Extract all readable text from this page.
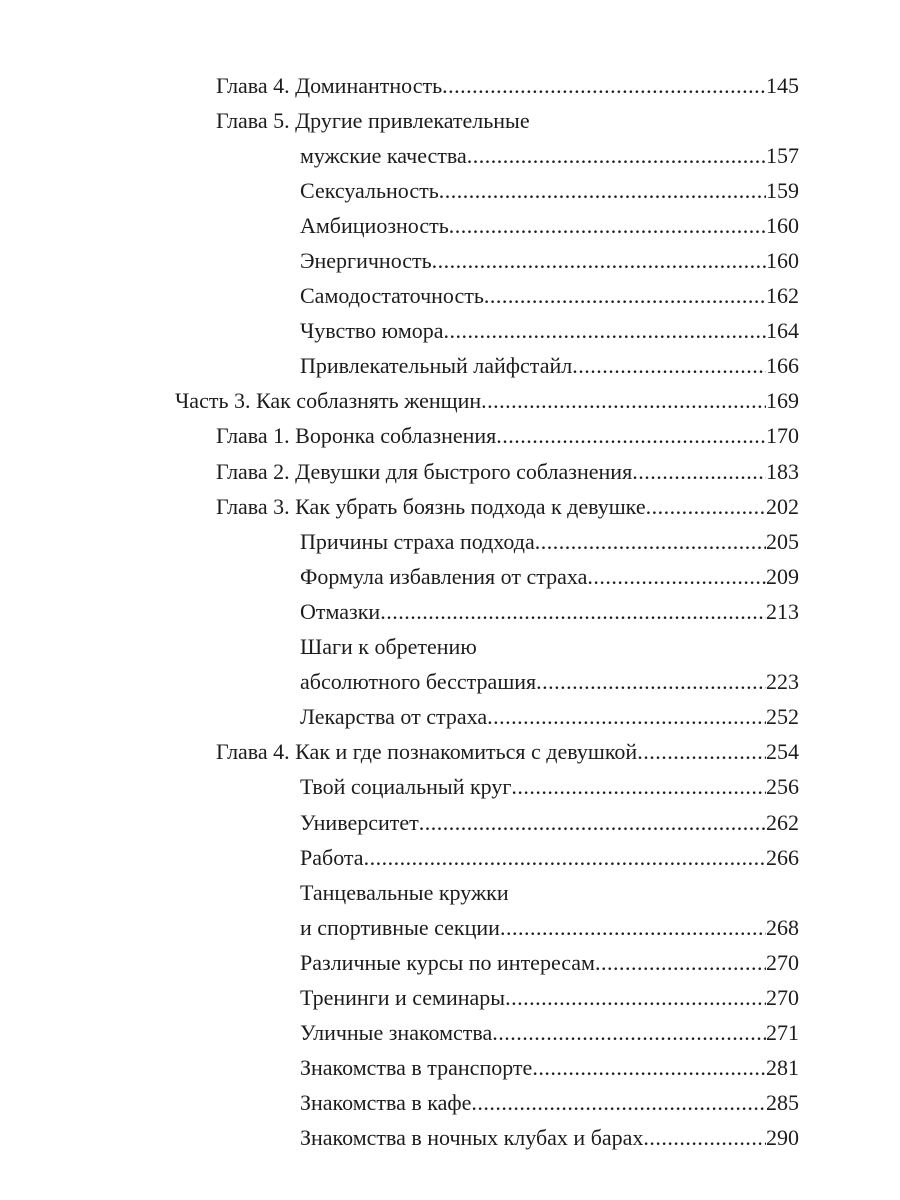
Глава 4. Доминантность .....	145
Глава 5. Другие привлекательные
мужские качества .....	157
Сексуальность .....	159
Амбициозность .....	160
Энергичность .....	160
Самодостаточность .....	162
Чувство юмора .....	164
Привлекательный лайфстайл .....	166
Часть 3. Как соблазнять женщин .....	169
Глава 1. Воронка соблазнения .....	170
Глава 2. Девушки для быстрого соблазнения .....	183
Глава 3. Как убрать боязнь подхода к девушке .....	202
Причины страха подхода .....	205
Формула избавления от страха .....	209
Отмазки .....	213
Шаги к обретению
абсолютного бесстрашия .....	223
Лекарства от страха .....	252
Глава 4. Как и где познакомиться с девушкой .....	254
Твой социальный круг .....	256
Университет .....	262
Работа .....	266
Танцевальные кружки
и спортивные секции .....	268
Различные курсы по интересам .....	270
Тренинги и семинары .....	270
Уличные знакомства .....	271
Знакомства в транспорте .....	281
Знакомства в кафе .....	285
Знакомства в ночных клубах и барах .....	290
